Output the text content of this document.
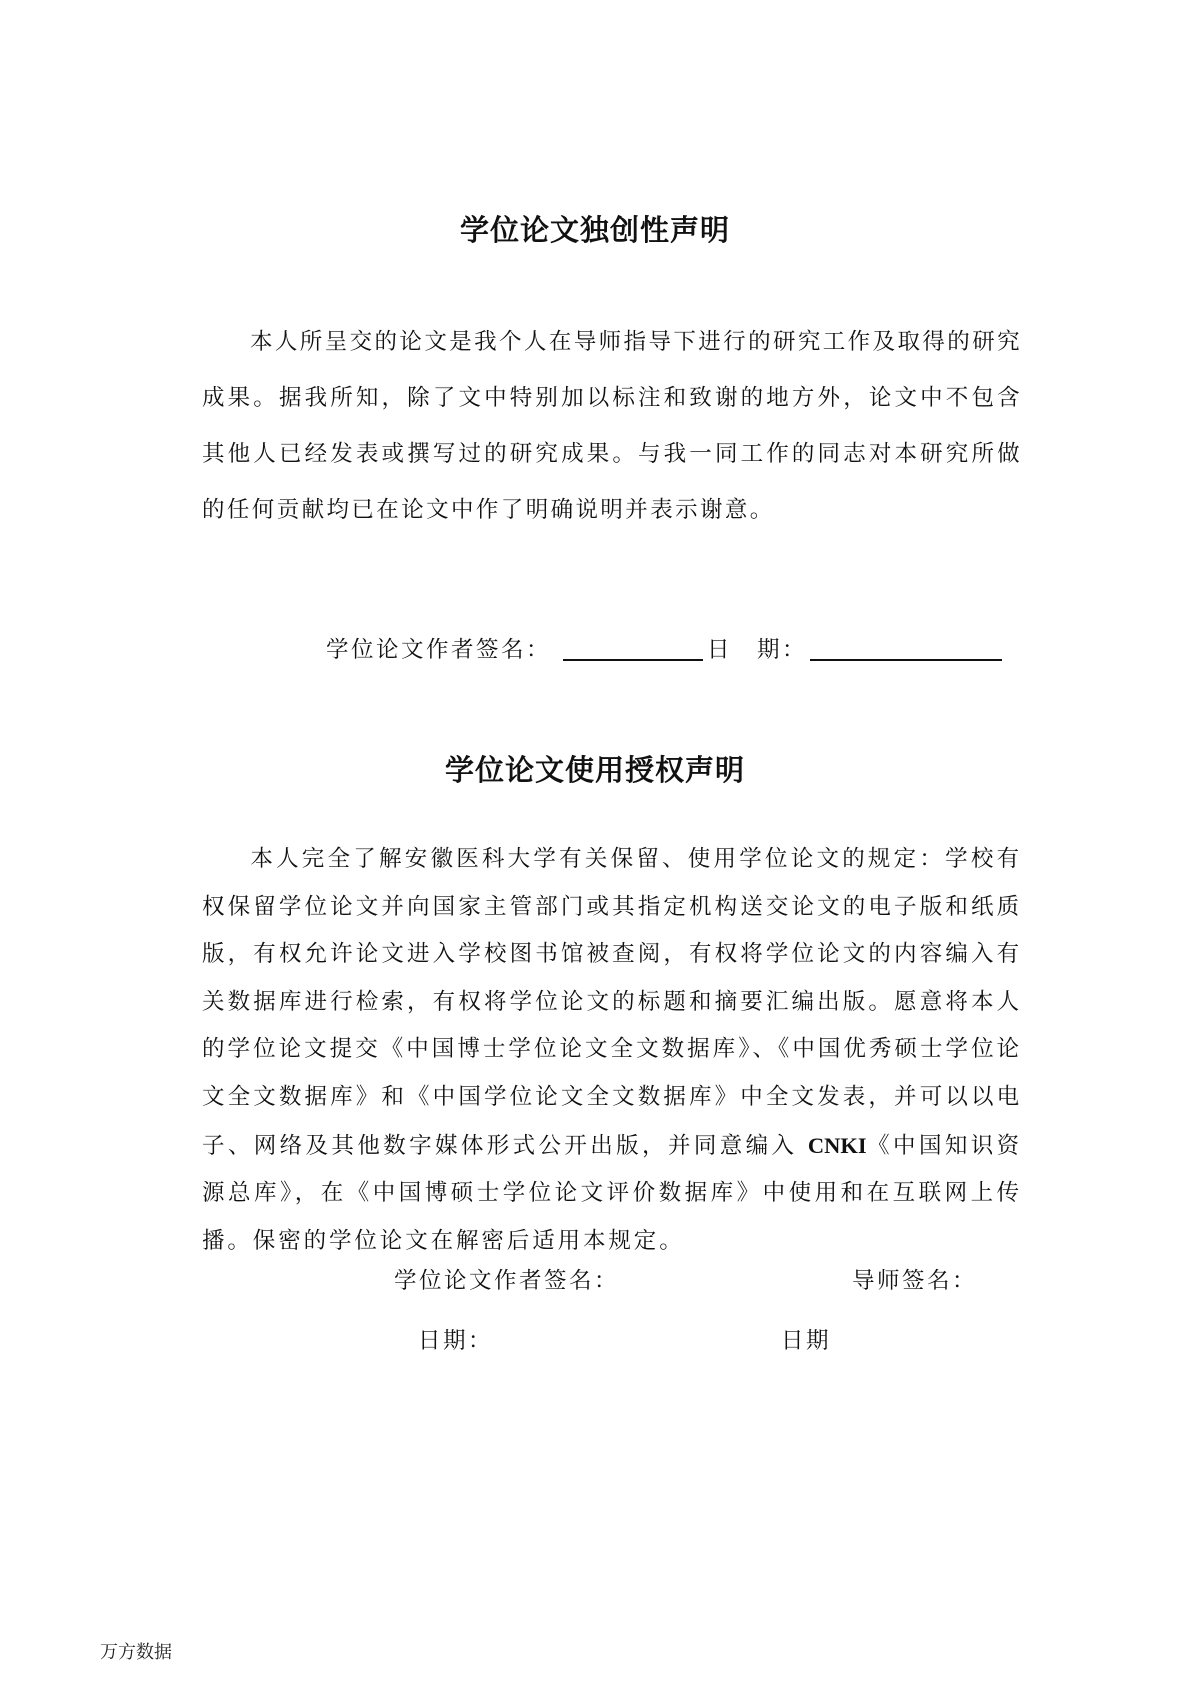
学位论文独创性声明

本人所呈交的论文是我个人在导师指导下进行的研究工作及取得的研究成果。据我所知，除了文中特别加以标注和致谢的地方外，论文中不包含其他人已经发表或撰写过的研究成果。与我一同工作的同志对本研究所做的任何贡献均已在论文中作了明确说明并表示谢意。

学位论文作者签名：	日　期：
学位论文使用授权声明

本人完全了解安徽医科大学有关保留、使用学位论文的规定：学校有权保留学位论文并向国家主管部门或其指定机构送交论文的电子版和纸质版，有权允许论文进入学校图书馆被查阅，有权将学位论文的内容编入有关数据库进行检索，有权将学位论文的标题和摘要汇编出版。愿意将本人的学位论文提交《中国博士学位论文全文数据库》、《中国优秀硕士学位论文全文数据库》和《中国学位论文全文数据库》中全文发表，并可以以电子、网络及其他数字媒体形式公开出版，并同意编入 CNKI《中国知识资源总库》，在《中国博硕士学位论文评价数据库》中使用和在互联网上传播。保密的学位论文在解密后适用本规定。

学位论文作者签名：	导师签名：
日期：	日期
万方数据
